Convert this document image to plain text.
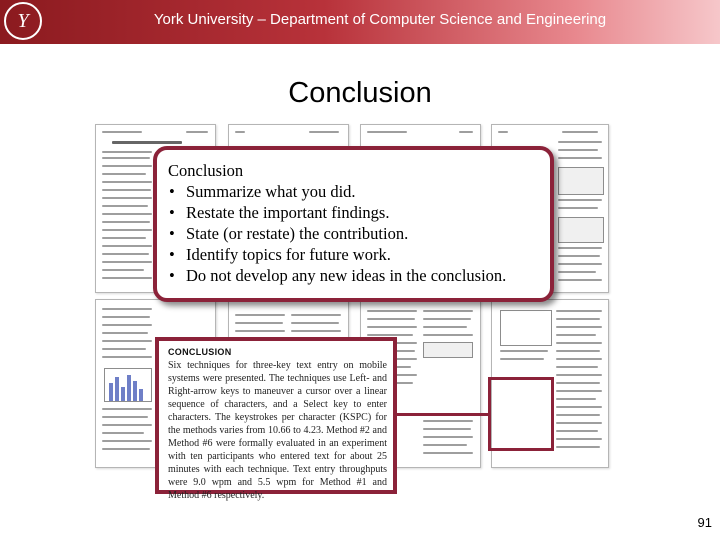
Y	York University – Department of Computer Science and Engineering
Conclusion
CONCLUSION
Six techniques for three-key text entry on mobile systems were presented. The techniques use Left- and Right-arrow keys to maneuver a cursor over a linear sequence of characters, and a Select key to enter characters. The keystrokes per character (KSPC) for the methods varies from 10.66 to 4.23. Method #2 and Method #6 were formally evaluated in an experiment with ten participants who entered text for about 25 minutes with each technique. Text entry throughputs were 9.0 wpm and 5.5 wpm for Method #1 and Method #6 respectively.
Conclusion
• Summarize what you did.
• Restate the important findings.
• State (or restate) the contribution.
• Identify topics for future work.
• Do not develop any new ideas in the conclusion.
91
